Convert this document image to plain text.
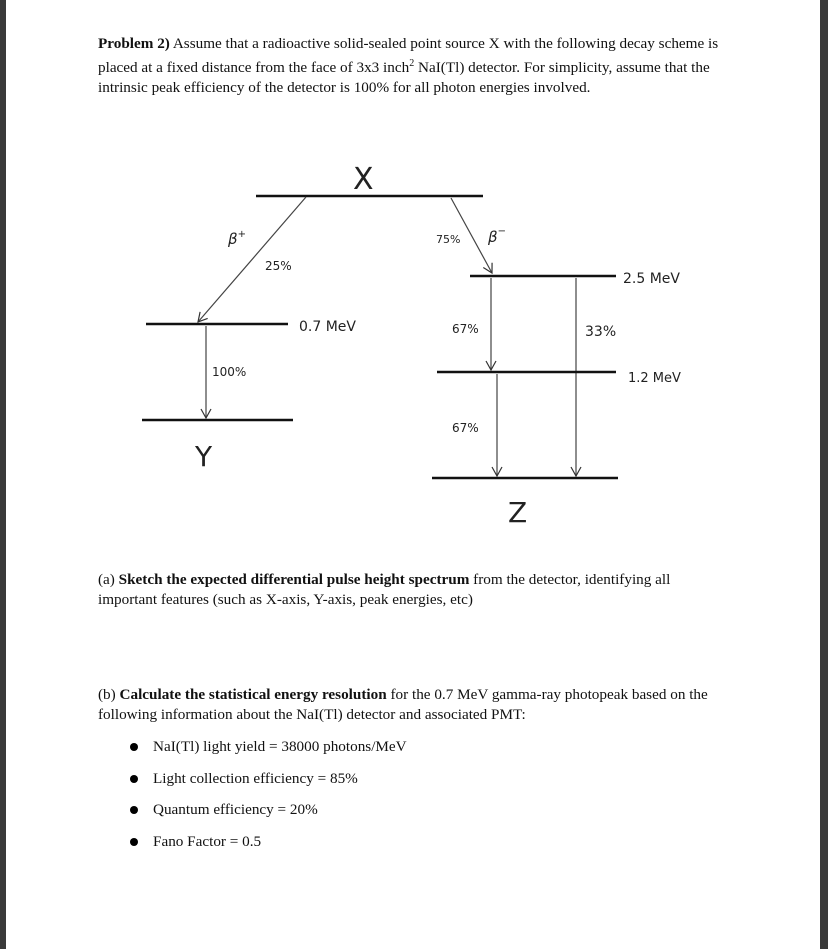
Problem 2) Assume that a radioactive solid-sealed point source X with the following decay scheme is placed at a fixed distance from the face of 3x3 inch$^2$ NaI(Tl) detector. For simplicity, assume that the intrinsic peak efficiency of the detector is 100% for all photon energies involved.
X
β+
25%
0.7 MeV
100%
Y
75% β−
2.5 MeV
67%	33%
1.2 MeV
67%
Z
(a) Sketch the expected differential pulse height spectrum from the detector, identifying all important features (such as X-axis, Y-axis, peak energies, etc)
(b) Calculate the statistical energy resolution for the 0.7 MeV gamma-ray photopeak based on the following information about the NaI(Tl) detector and associated PMT:
NaI(Tl) light yield = 38000 photons/MeV
Light collection efficiency = 85%
Quantum efficiency = 20%
Fano Factor = 0.5
